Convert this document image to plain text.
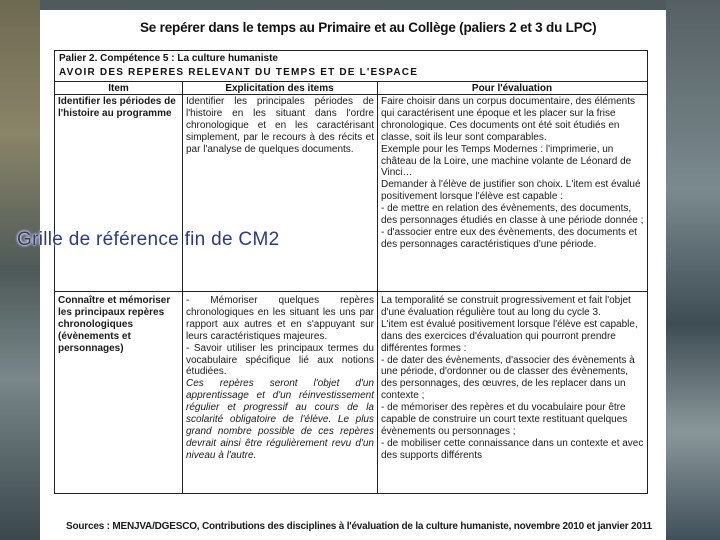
Se repérer dans le temps au Primaire et au Collège (paliers 2 et 3 du LPC)
Palier 2. Compétence 5 : La culture humaniste
AVOIR DES REPERES RELEVANT DU TEMPS ET DE L'ESPACE
Item	Explicitation des items	Pour l'évaluation
Identifier les périodes de l'histoire au programme

Identifier les principales périodes de l'histoire en les situant dans l'ordre chronologique et en les caractérisant simplement, par le recours à des récits et par l'analyse de quelques documents.

Faire choisir dans un corpus documentaire, des éléments qui caractérisent une époque et les placer sur la frise chronologique. Ces documents ont été soit étudiés en classe, soit ils leur sont comparables.

Exemple pour les Temps Modernes : l'imprimerie, un château de la Loire, une machine volante de Léonard de Vinci…

Demander à l'élève de justifier son choix. L'item est évalué positivement lorsque l'élève est capable :

- de mettre en relation des évènements, des documents, des personnages étudiés en classe à une période donnée ;

- d'associer entre eux des évènements, des documents et des personnages caractéristiques d'une période.

Connaître et mémoriser les principaux repères chronologiques (évènements et personnages)

- Mémoriser quelques repères chronologiques en les situant les uns par rapport aux autres et en s'appuyant sur leurs caractéristiques majeures.

- Savoir utiliser les principaux termes du vocabulaire spécifique lié aux notions étudiées.

Ces repères seront l'objet d'un apprentissage et d'un réinvestissement régulier et progressif au cours de la scolarité obligatoire de l'élève. Le plus grand nombre possible de ces repères devrait ainsi être régulièrement revu d'un niveau à l'autre.

La temporalité se construit progressivement et fait l'objet d'une évaluation régulière tout au long du cycle 3.

L'item est évalué positivement lorsque l'élève est capable, dans des exercices d'évaluation qui pourront prendre différentes formes :

- de dater des évènements, d'associer des évènements à une période, d'ordonner ou de classer des évènements, des personnages, des œuvres, de les replacer dans un contexte ;

- de mémoriser des repères et du vocabulaire pour être capable de construire un court texte restituant quelques évènements ou personnages ;

- de mobiliser cette connaissance dans un contexte et avec des supports différents

Sources : MENJVA/DGESCO, Contributions des disciplines à l'évaluation de la culture humaniste, novembre 2010 et janvier 2011
Grille de référence fin de CM2
